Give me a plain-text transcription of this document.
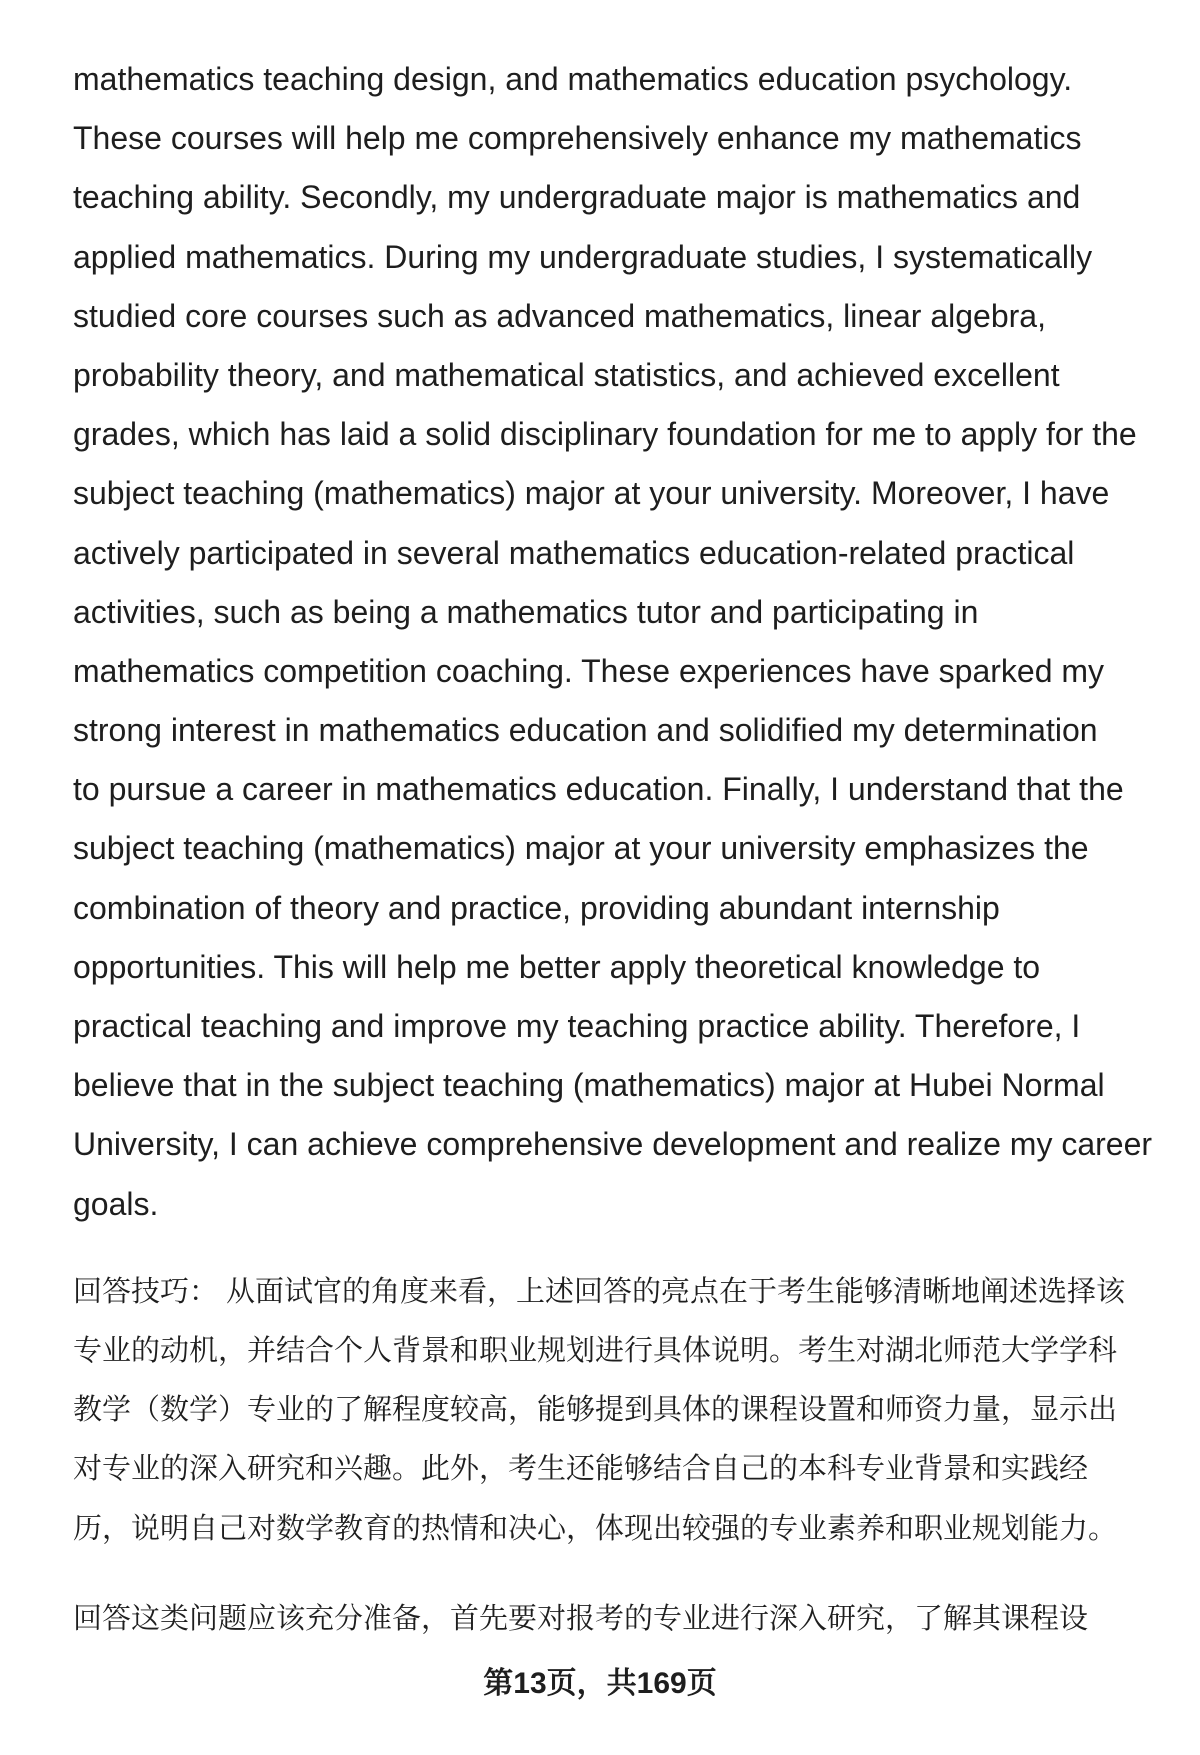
mathematics teaching design, and mathematics education psychology.
These courses will help me comprehensively enhance my mathematics
teaching ability. Secondly, my undergraduate major is mathematics and
applied mathematics. During my undergraduate studies, I systematically
studied core courses such as advanced mathematics, linear algebra,
probability theory, and mathematical statistics, and achieved excellent
grades, which has laid a solid disciplinary foundation for me to apply for the
subject teaching (mathematics) major at your university. Moreover, I have
actively participated in several mathematics education-related practical
activities, such as being a mathematics tutor and participating in
mathematics competition coaching. These experiences have sparked my
strong interest in mathematics education and solidified my determination
to pursue a career in mathematics education. Finally, I understand that the
subject teaching (mathematics) major at your university emphasizes the
combination of theory and practice, providing abundant internship
opportunities. This will help me better apply theoretical knowledge to
practical teaching and improve my teaching practice ability. Therefore, I
believe that in the subject teaching (mathematics) major at Hubei Normal
University, I can achieve comprehensive development and realize my career
goals.
回答技巧： 从面试官的角度来看，上述回答的亮点在于考生能够清晰地阐述选择该
专业的动机，并结合个人背景和职业规划进行具体说明。考生对湖北师范大学学科
教学（数学）专业的了解程度较高，能够提到具体的课程设置和师资力量，显示出
对专业的深入研究和兴趣。此外，考生还能够结合自己的本科专业背景和实践经
历，说明自己对数学教育的热情和决心，体现出较强的专业素养和职业规划能力。
回答这类问题应该充分准备，首先要对报考的专业进行深入研究，了解其课程设
第13页，共169页
